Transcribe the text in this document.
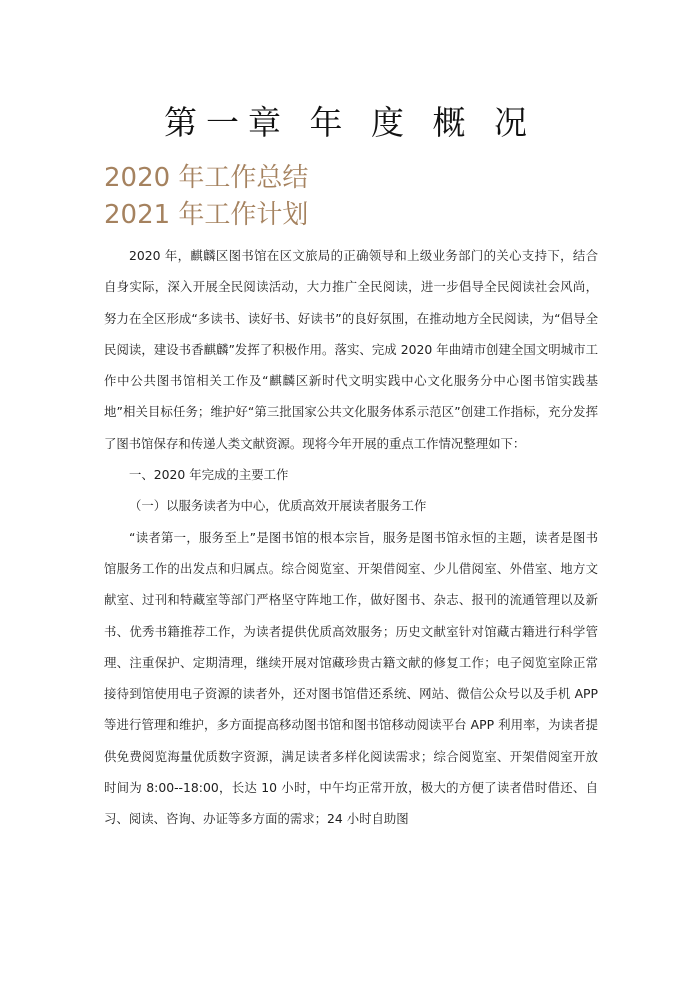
第一章 年 度 概 况
2020 年工作总结
2021 年工作计划

2020 年，麒麟区图书馆在区文旅局的正确领导和上级业务部门的关心支持下，结合自身实际，深入开展全民阅读活动，大力推广全民阅读，进一步倡导全民阅读社会风尚，努力在全区形成“多读书、读好书、好读书”的良好氛围，在推动地方全民阅读，为“倡导全民阅读，建设书香麒麟”发挥了积极作用。落实、完成 2020 年曲靖市创建全国文明城市工作中公共图书馆相关工作及“麒麟区新时代文明实践中心文化服务分中心图书馆实践基地”相关目标任务；维护好“第三批国家公共文化服务体系示范区”创建工作指标，充分发挥了图书馆保存和传递人类文献资源。现将今年开展的重点工作情况整理如下：

一、2020 年完成的主要工作

（一）以服务读者为中心，优质高效开展读者服务工作

“读者第一，服务至上”是图书馆的根本宗旨，服务是图书馆永恒的主题，读者是图书馆服务工作的出发点和归属点。综合阅览室、开架借阅室、少儿借阅室、外借室、地方文献室、过刊和特藏室等部门严格坚守阵地工作，做好图书、杂志、报刊的流通管理以及新书、优秀书籍推荐工作，为读者提供优质高效服务；历史文献室针对馆藏古籍进行科学管理、注重保护、定期清理，继续开展对馆藏珍贵古籍文献的修复工作；电子阅览室除正常接待到馆使用电子资源的读者外，还对图书馆借还系统、网站、微信公众号以及手机 APP 等进行管理和维护，多方面提高移动图书馆和图书馆移动阅读平台 APP 利用率，为读者提供免费阅览海量优质数字资源，满足读者多样化阅读需求；综合阅览室、开架借阅室开放时间为 8:00--18:00，长达 10 小时，中午均正常开放，极大的方便了读者借时借还、自习、阅读、咨询、办证等多方面的需求；24 小时自助图
